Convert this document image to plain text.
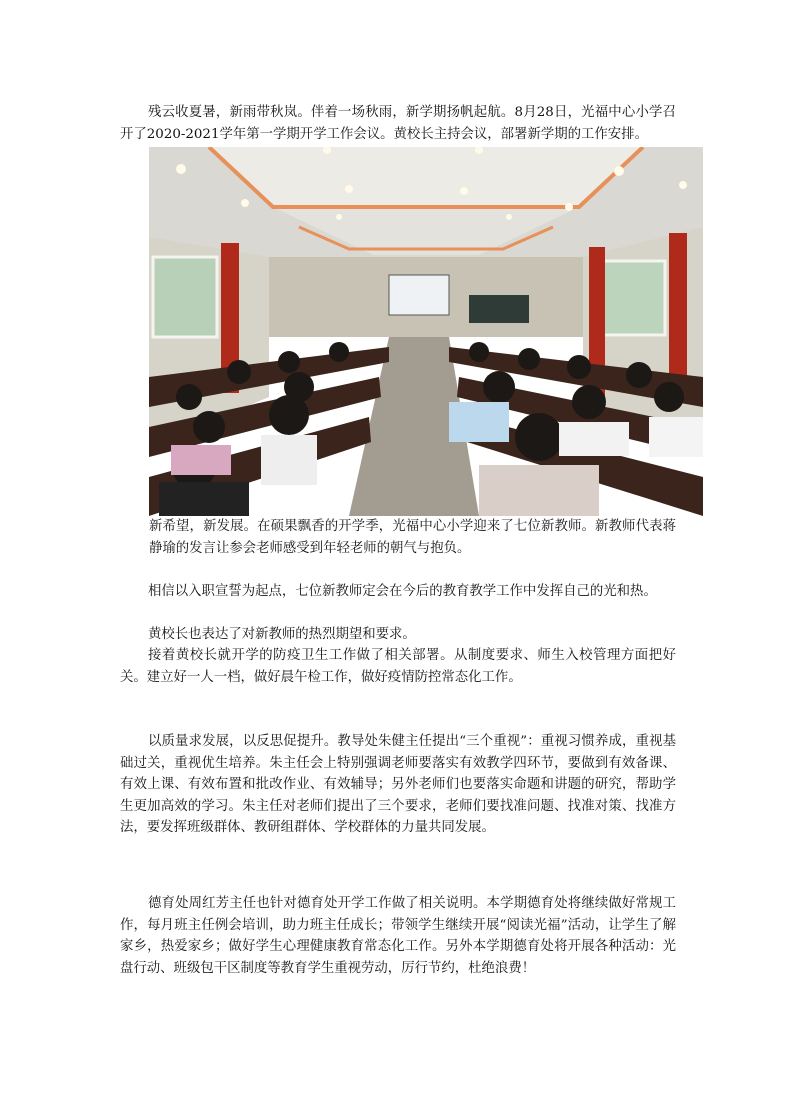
残云收夏暑，新雨带秋岚。伴着一场秋雨，新学期扬帆起航。8月28日，光福中心小学召开了2020-2021学年第一学期开学工作会议。黄校长主持会议，部署新学期的工作安排。

新希望，新发展。在硕果飘香的开学季，光福中心小学迎来了七位新教师。新教师代表蒋静瑜的发言让参会老师感受到年轻老师的朝气与抱负。

相信以入职宣誓为起点，七位新教师定会在今后的教育教学工作中发挥自己的光和热。

黄校长也表达了对新教师的热烈期望和要求。

接着黄校长就开学的防疫卫生工作做了相关部署。从制度要求、师生入校管理方面把好关。建立好一人一档，做好晨午检工作，做好疫情防控常态化工作。

以质量求发展，以反思促提升。教导处朱健主任提出“三个重视”：重视习惯养成，重视基础过关，重视优生培养。朱主任会上特别强调老师要落实有效教学四环节，要做到有效备课、有效上课、有效布置和批改作业、有效辅导；另外老师们也要落实命题和讲题的研究，帮助学生更加高效的学习。朱主任对老师们提出了三个要求，老师们要找准问题、找准对策、找准方法，要发挥班级群体、教研组群体、学校群体的力量共同发展。

德育处周红芳主任也针对德育处开学工作做了相关说明。本学期德育处将继续做好常规工作，每月班主任例会培训，助力班主任成长；带领学生继续开展“阅读光福”活动，让学生了解家乡，热爱家乡；做好学生心理健康教育常态化工作。另外本学期德育处将开展各种活动：光盘行动、班级包干区制度等教育学生重视劳动，厉行节约，杜绝浪费！
